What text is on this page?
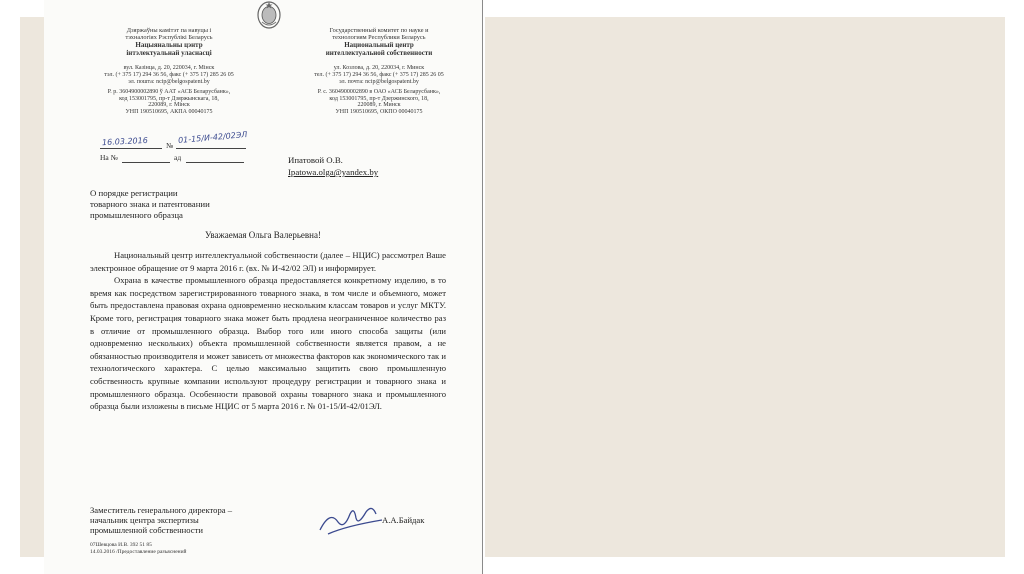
Дзяржаўны камітэт па навуцы і
тэхналогіях Рэспублікі Беларусь
Нацыянальны цэнтр
інтэлектуальнай уласнасці
вул. Казінца, д. 20, 220034, г. Мінск
тэл. (+ 375 17) 294 36 56, факс (+ 375 17) 285 26 05
эл. пошта: ncip@belgospatent.by
Р. р. 3604900002890 ў ААТ «АСБ Беларусбанк»,
код 153001795, пр-т Дзяржынскага, 18,
220089, г. Мінск
УНП 190510695, АКПА 00040175
Государственный комитет по науке и
технологиям Республики Беларусь
Национальный центр
интеллектуальной собственности
ул. Козлова, д. 20, 220034, г. Минск
тел. (+ 375 17) 294 36 56, факс (+ 375 17) 285 26 05
эл. почта: ncip@belgospatent.by
Р. с. 3604900002890 в ОАО «АСБ Беларусбанк»,
код 153001795, пр-т Дзержинского, 18,
220089, г. Минск
УНП 190510695, ОКПО 00040175
16.03.2016 №
01-15/И-42/02ЭЛ
На №	ад	Ипатовой О.В.
Ipatowa.olga@yandex.by
О порядке регистрации
товарного знака и патентовании
промышленного образца
Уважаемая Ольга Валерьевна!
Национальный центр интеллектуальной собственности (далее – НЦИС) рассмотрел Ваше электронное обращение от 9 марта 2016 г. (вх. № И-42/02 ЭЛ) и информирует.
Охрана в качестве промышленного образца предоставляется конкретному изделию, в то время как посредством зарегистрированного товарного знака, в том числе и объемного, может быть предоставлена правовая охрана одновременно нескольким классам товаров и услуг МКТУ. Кроме того, регистрация товарного знака может быть продлена неограниченное количество раз в отличие от промышленного образца. Выбор того или иного способа защиты (или одновременно нескольких) объекта промышленной собственности является правом, а не обязанностью производителя и может зависеть от множества факторов как экономического так и технологического характера. С целью максимально защитить свою промышленную собственность крупные компании используют процедуру регистрации и товарного знака и промышленного образца. Особенности правовой охраны товарного знака и промышленного образца были изложены в письме НЦИС от 5 марта 2016 г. № 01-15/И-42/01ЭЛ.
Заместитель генерального директора –
начальник центра экспертизы
промышленной собственности
А.А.Байдак
07Шевцова И.В. 392 51 85
14.03.2016 /Предоставление разъяснений
